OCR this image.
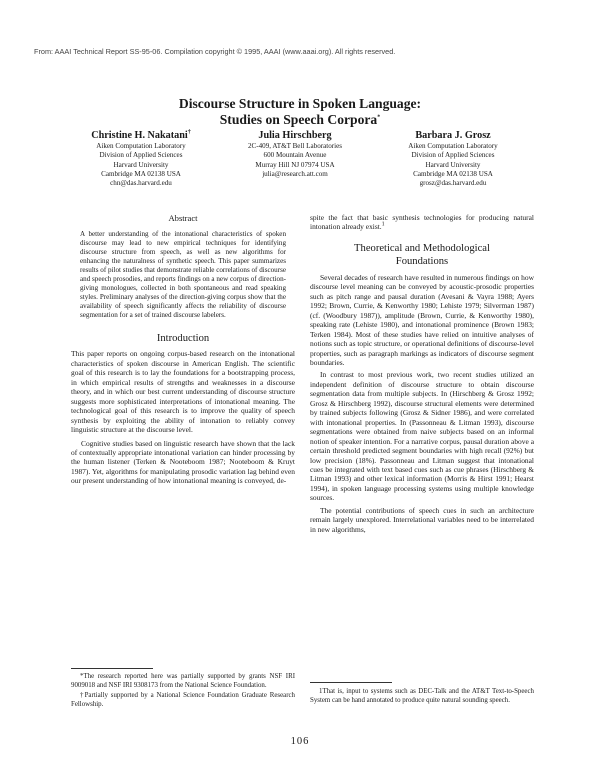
From: AAAI Technical Report SS-95-06. Compilation copyright © 1995, AAAI (www.aaai.org). All rights reserved.
Discourse Structure in Spoken Language:
Studies on Speech Corpora*
Christine H. Nakatani†
Aiken Computation Laboratory
Division of Applied Sciences
Harvard University
Cambridge MA 02138 USA
chn@das.harvard.edu
Julia Hirschberg
2C-409, AT&T Bell Laboratories
600 Mountain Avenue
Murray Hill NJ 07974 USA
julia@research.att.com
Barbara J. Grosz
Aiken Computation Laboratory
Division of Applied Sciences
Harvard University
Cambridge MA 02138 USA
grosz@das.harvard.edu
Abstract

A better understanding of the intonational characteristics of spoken discourse may lead to new empirical techniques for identifying discourse structure from speech, as well as new algorithms for enhancing the naturalness of synthetic speech. This paper summarizes results of pilot studies that demonstrate reliable correlations of discourse and speech prosodies, and reports findings on a new corpus of direction-giving monologues, collected in both spontaneous and read speaking styles. Preliminary analyses of the direction-giving corpus show that the availability of speech significantly affects the reliability of discourse segmentation for a set of trained discourse labelers.

Introduction

This paper reports on ongoing corpus-based research on the intonational characteristics of spoken discourse in American English. The scientific goal of this research is to lay the foundations for a bootstrapping process, in which empirical results of strengths and weaknesses in a discourse theory, and in which our best current understanding of discourse structure suggests more sophisticated interpretations of intonational meaning. The technological goal of this research is to improve the quality of speech synthesis by exploiting the ability of intonation to reliably convey linguistic structure at the discourse level.

Cognitive studies based on linguistic research have shown that the lack of contextually appropriate intonational variation can hinder processing by the human listener (Terken & Nooteboom 1987; Nooteboom & Kruyt 1987). Yet, algorithms for manipulating prosodic variation lag behind even our present understanding of how intonational meaning is conveyed, de-

*The research reported here was partially supported by grants NSF IRI 9009018 and NSF IRI 9308173 from the National Science Foundation.

†Partially supported by a National Science Foundation Graduate Research Fellowship.

spite the fact that basic synthesis technologies for producing natural intonation already exist.$^1$

Theoretical and Methodological
Foundations

Several decades of research have resulted in numerous findings on how discourse level meaning can be conveyed by acoustic-prosodic properties such as pitch range and pausal duration (Avesani & Vayra 1988; Ayers 1992; Brown, Currie, & Kenworthy 1980; Lehiste 1979; Silverman 1987) (cf. (Woodbury 1987)), amplitude (Brown, Currie, & Kenworthy 1980), speaking rate (Lehiste 1980), and intonational prominence (Brown 1983; Terken 1984). Most of these studies have relied on intuitive analyses of notions such as topic structure, or operational definitions of discourse-level properties, such as paragraph markings as indicators of discourse segment boundaries.

In contrast to most previous work, two recent studies utilized an independent definition of discourse structure to obtain discourse segmentation data from multiple subjects. In (Hirschberg & Grosz 1992; Grosz & Hirschberg 1992), discourse structural elements were determined by trained subjects following (Grosz & Sidner 1986), and were correlated with intonational properties. In (Passonneau & Litman 1993), discourse segmentations were obtained from naive subjects based on an informal notion of speaker intention. For a narrative corpus, pausal duration above a certain threshold predicted segment boundaries with high recall (92%) but low precision (18%). Passonneau and Litman suggest that intonational cues be integrated with text based cues such as cue phrases (Hirschberg & Litman 1993) and other lexical information (Morris & Hirst 1991; Hearst 1994), in spoken language processing systems using multiple knowledge sources.

The potential contributions of speech cues in such an architecture remain largely unexplored. Interrelational variables need to be interrelated in new algorithms,

1That is, input to systems such as DEC-Talk and the AT&T Text-to-Speech System can be hand annotated to produce quite natural sounding speech.

106
